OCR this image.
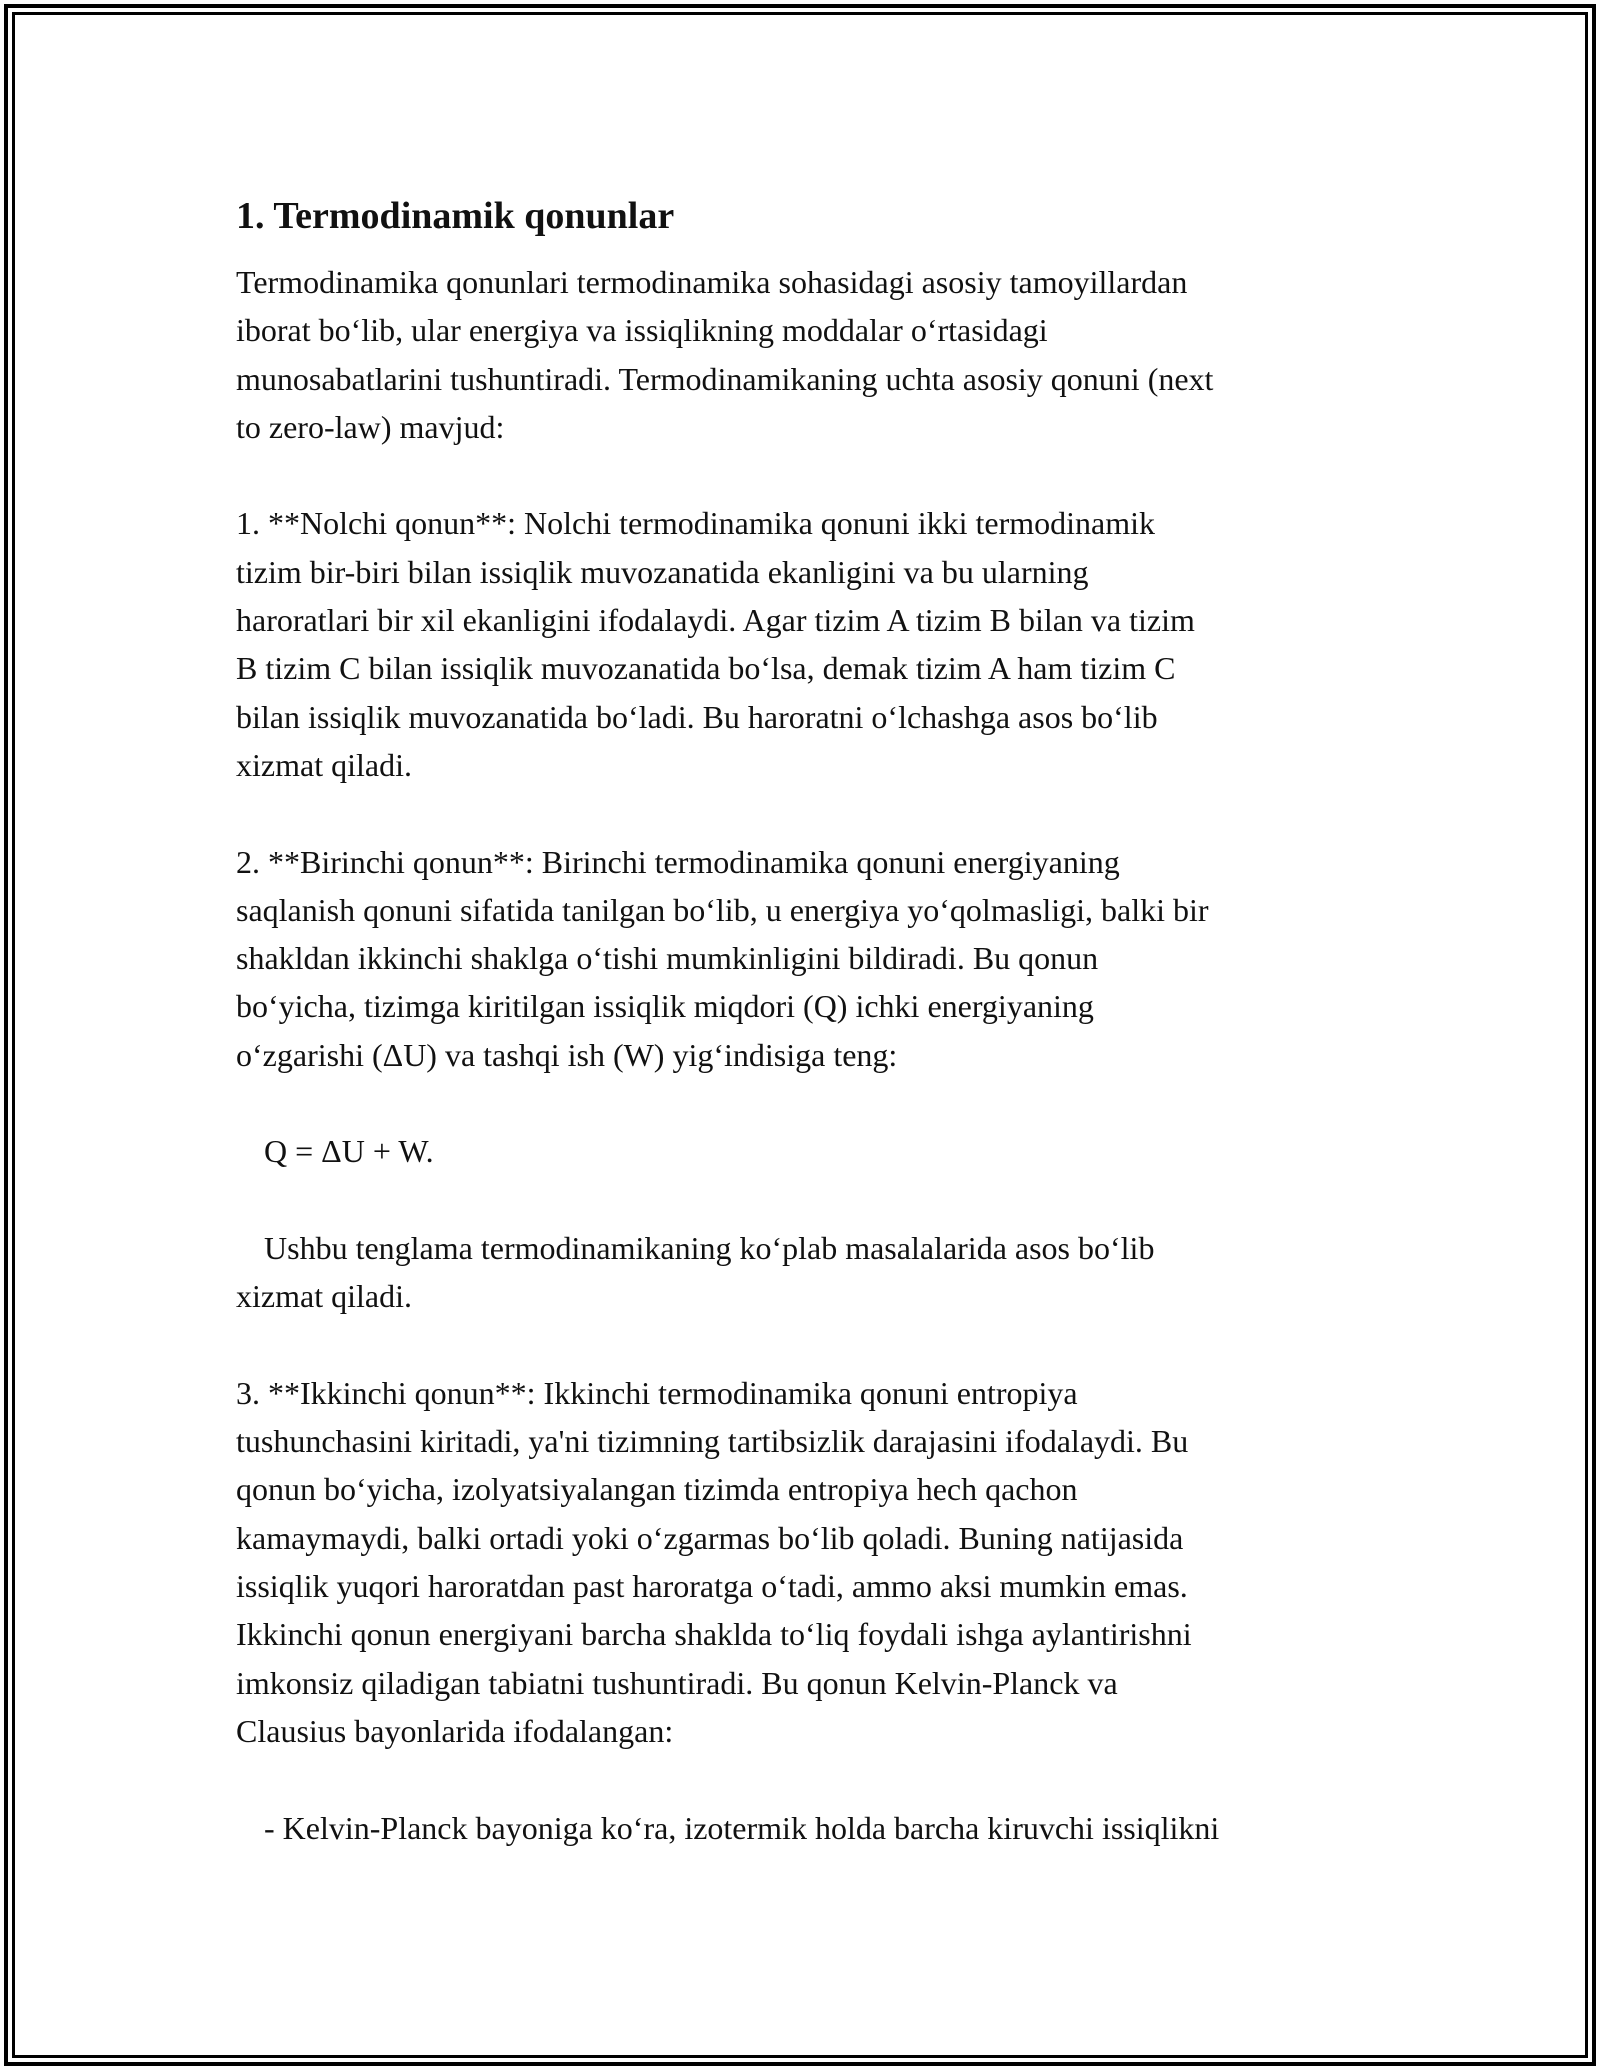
1. Termodinamik qonunlar

Termodinamika qonunlari termodinamika sohasidagi asosiy tamoyillardan
iborat bo‘lib, ular energiya va issiqlikning moddalar o‘rtasidagi
munosabatlarini tushuntiradi. Termodinamikaning uchta asosiy qonuni (next
to zero-law) mavjud:

1. **Nolchi qonun**: Nolchi termodinamika qonuni ikki termodinamik
tizim bir-biri bilan issiqlik muvozanatida ekanligini va bu ularning
haroratlari bir xil ekanligini ifodalaydi. Agar tizim A tizim B bilan va tizim
B tizim C bilan issiqlik muvozanatida bo‘lsa, demak tizim A ham tizim C
bilan issiqlik muvozanatida bo‘ladi. Bu haroratni o‘lchashga asos bo‘lib
xizmat qiladi.

2. **Birinchi qonun**: Birinchi termodinamika qonuni energiyaning
saqlanish qonuni sifatida tanilgan bo‘lib, u energiya yo‘qolmasligi, balki bir
shakldan ikkinchi shaklga o‘tishi mumkinligini bildiradi. Bu qonun
bo‘yicha, tizimga kiritilgan issiqlik miqdori (Q) ichki energiyaning
o‘zgarishi (ΔU) va tashqi ish (W) yig‘indisiga teng:

Q = ΔU + W.

Ushbu tenglama termodinamikaning ko‘plab masalalarida asos bo‘lib
xizmat qiladi.

3. **Ikkinchi qonun**: Ikkinchi termodinamika qonuni entropiya
tushunchasini kiritadi, ya'ni tizimning tartibsizlik darajasini ifodalaydi. Bu
qonun bo‘yicha, izolyatsiyalangan tizimda entropiya hech qachon
kamaymaydi, balki ortadi yoki o‘zgarmas bo‘lib qoladi. Buning natijasida
issiqlik yuqori haroratdan past haroratga o‘tadi, ammo aksi mumkin emas.
Ikkinchi qonun energiyani barcha shaklda to‘liq foydali ishga aylantirishni
imkonsiz qiladigan tabiatni tushuntiradi. Bu qonun Kelvin-Planck va
Clausius bayonlarida ifodalangan:

- Kelvin-Planck bayoniga ko‘ra, izotermik holda barcha kiruvchi issiqlikni
